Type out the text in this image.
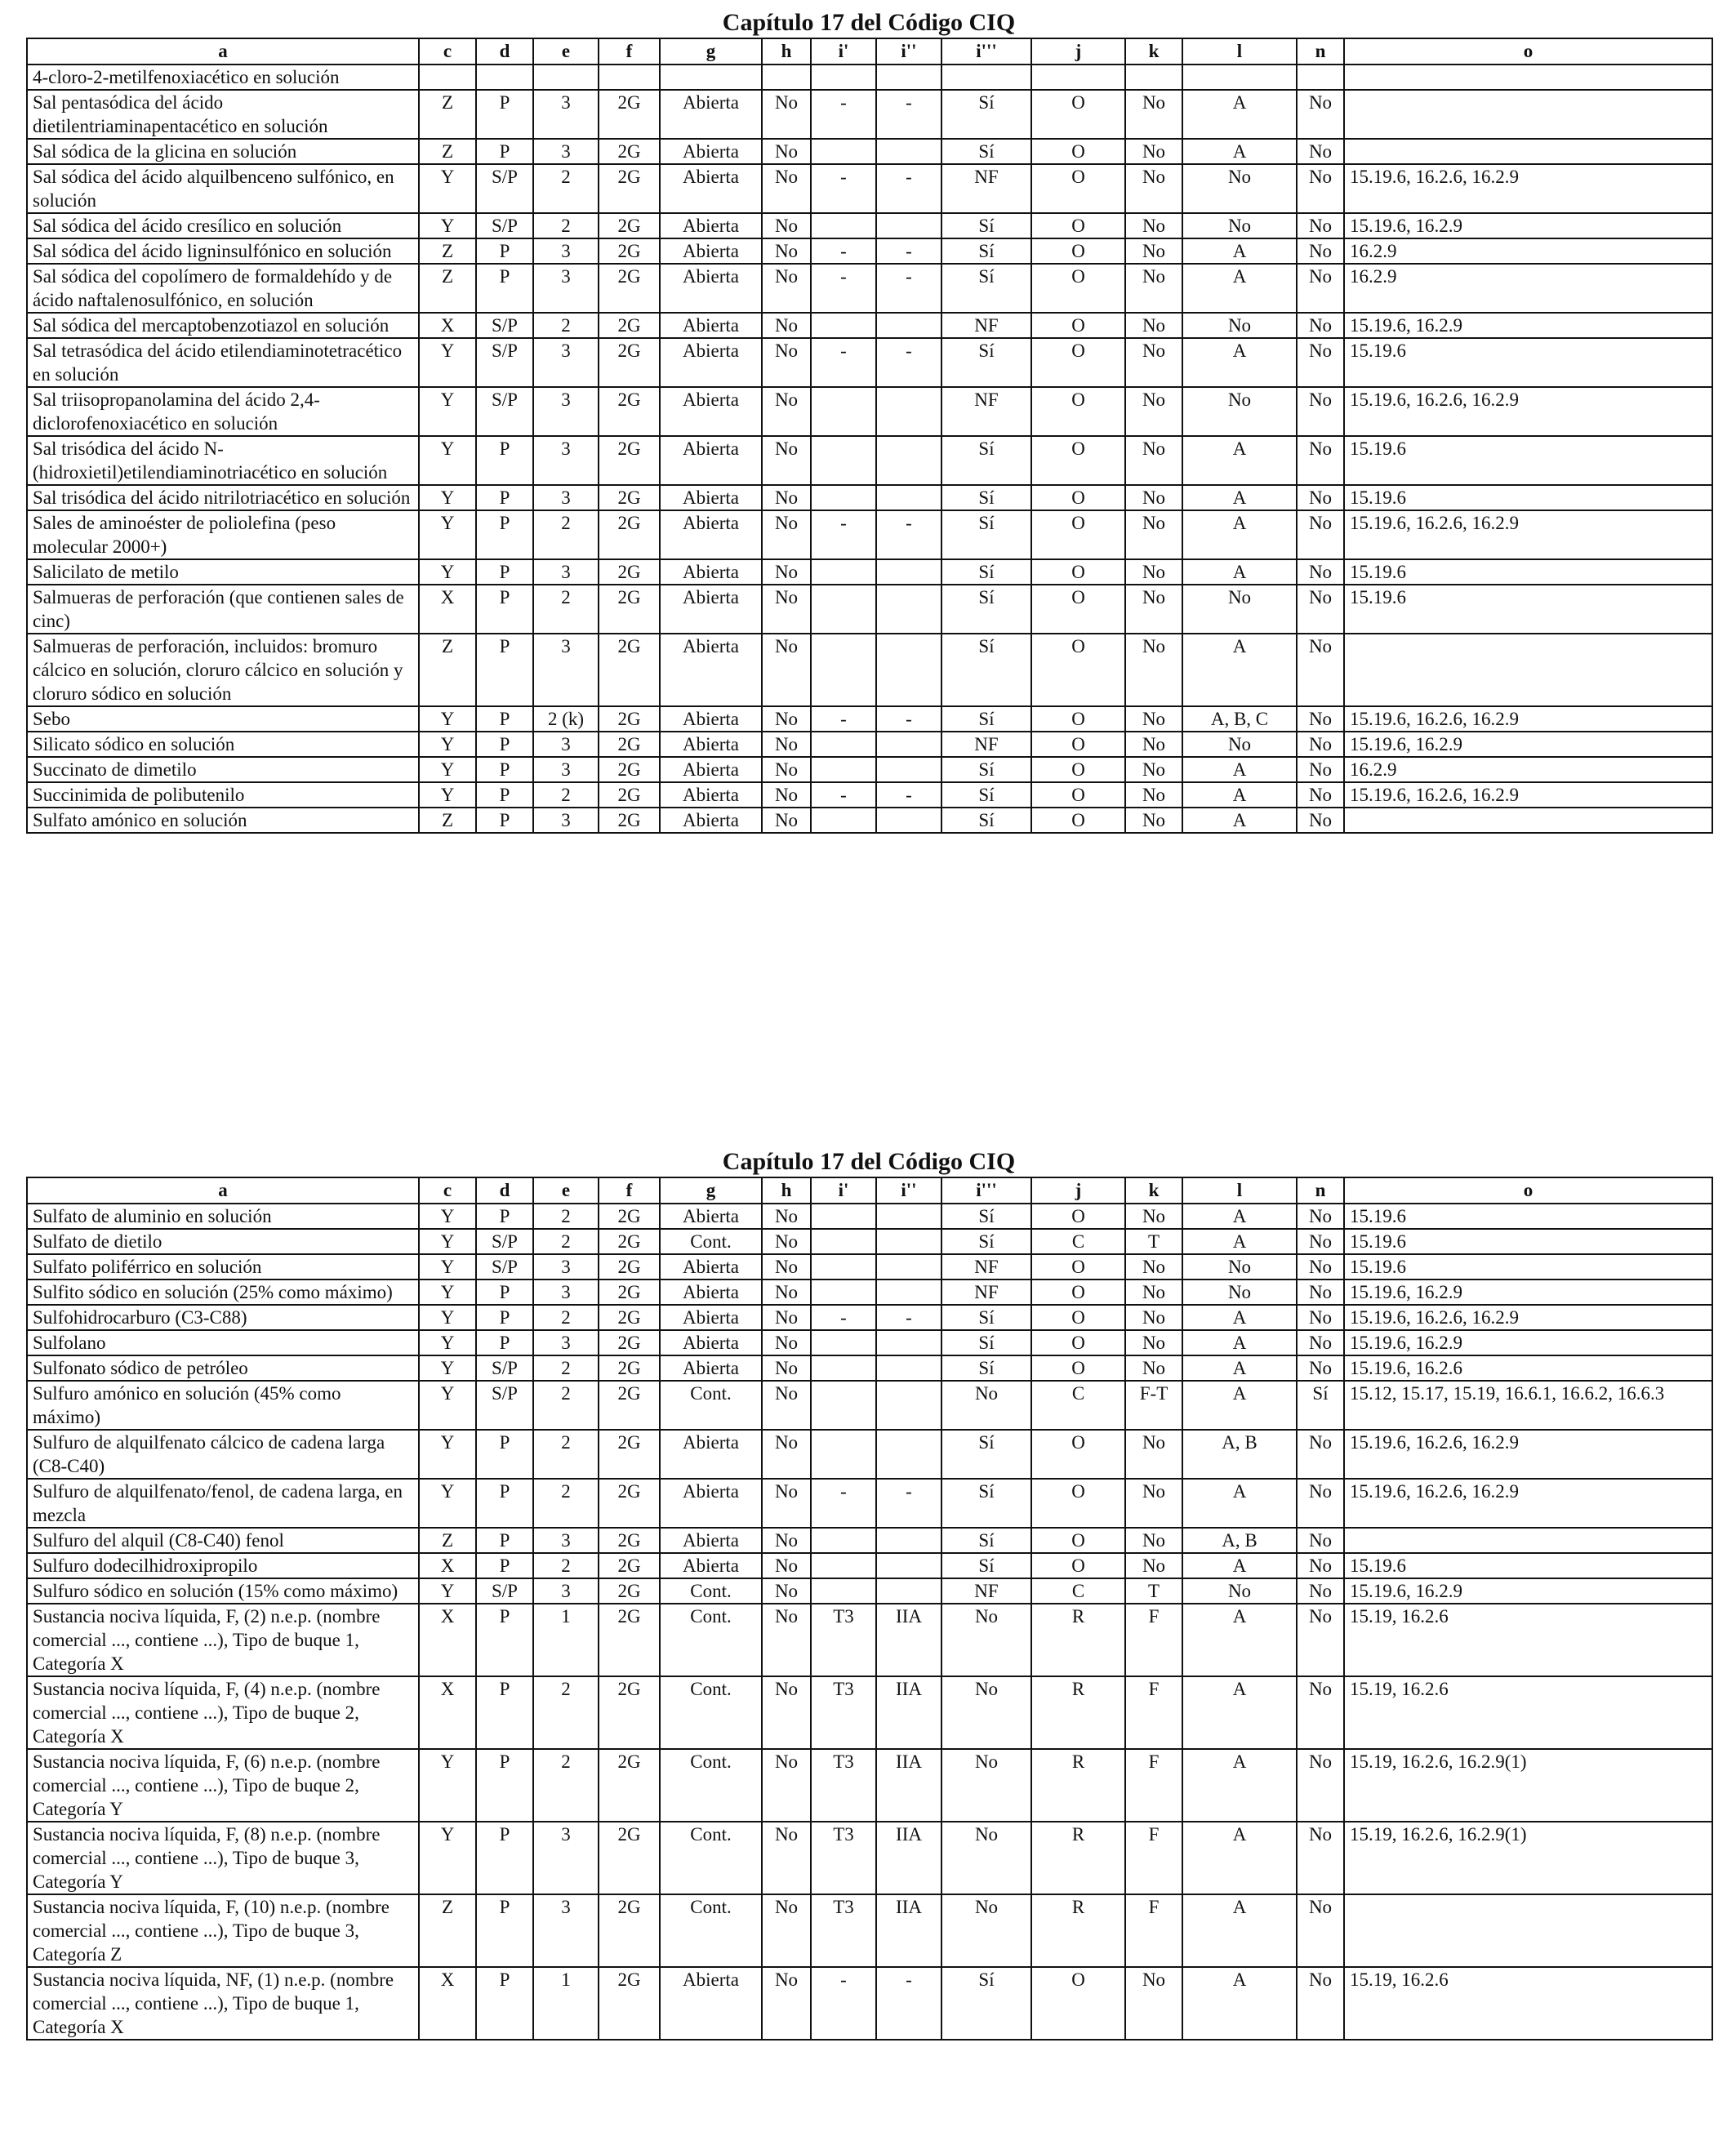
Capítulo 17 del Código CIQ
a	c	d	e	f	g	h	i'	i''	i'''	j	k	l	n	o
4-cloro-2-metilfenoxiacético en solución														
Sal pentasódica del ácido dietilentriaminapentacético en solución	Z	P	3	2G	Abierta	No	-	-	Sí	O	No	A	No	
Sal sódica de la glicina en solución	Z	P	3	2G	Abierta	No			Sí	O	No	A	No	
Sal sódica del ácido alquilbenceno sulfónico, en solución	Y	S/P	2	2G	Abierta	No	-	-	NF	O	No	No	No	15.19.6, 16.2.6, 16.2.9
Sal sódica del ácido cresílico en solución	Y	S/P	2	2G	Abierta	No			Sí	O	No	No	No	15.19.6, 16.2.9
Sal sódica del ácido ligninsulfónico en solución	Z	P	3	2G	Abierta	No	-	-	Sí	O	No	A	No	16.2.9
Sal sódica del copolímero de formaldehído y de ácido naftalenosulfónico, en solución	Z	P	3	2G	Abierta	No	-	-	Sí	O	No	A	No	16.2.9
Sal sódica del mercaptobenzotiazol en solución	X	S/P	2	2G	Abierta	No			NF	O	No	No	No	15.19.6, 16.2.9
Sal tetrasódica del ácido etilendiaminotetracético en solución	Y	S/P	3	2G	Abierta	No	-	-	Sí	O	No	A	No	15.19.6
Sal triisopropanolamina del ácido 2,4-diclorofenoxiacético en solución	Y	S/P	3	2G	Abierta	No			NF	O	No	No	No	15.19.6, 16.2.6, 16.2.9
Sal trisódica del ácido N-(hidroxietil)etilendiaminotriacético en solución	Y	P	3	2G	Abierta	No			Sí	O	No	A	No	15.19.6
Sal trisódica del ácido nitrilotriacético en solución	Y	P	3	2G	Abierta	No			Sí	O	No	A	No	15.19.6
Sales de aminoéster de poliolefina (peso molecular 2000+)	Y	P	2	2G	Abierta	No	-	-	Sí	O	No	A	No	15.19.6, 16.2.6, 16.2.9
Salicilato de metilo	Y	P	3	2G	Abierta	No			Sí	O	No	A	No	15.19.6
Salmueras de perforación (que contienen sales de cinc)	X	P	2	2G	Abierta	No			Sí	O	No	No	No	15.19.6
Salmueras de perforación, incluidos: bromuro cálcico en solución, cloruro cálcico en solución y cloruro sódico en solución	Z	P	3	2G	Abierta	No			Sí	O	No	A	No	
Sebo	Y	P	2 (k)	2G	Abierta	No	-	-	Sí	O	No	A, B, C	No	15.19.6, 16.2.6, 16.2.9
Silicato sódico en solución	Y	P	3	2G	Abierta	No			NF	O	No	No	No	15.19.6, 16.2.9
Succinato de dimetilo	Y	P	3	2G	Abierta	No			Sí	O	No	A	No	16.2.9
Succinimida de polibutenilo	Y	P	2	2G	Abierta	No	-	-	Sí	O	No	A	No	15.19.6, 16.2.6, 16.2.9
Sulfato amónico en solución	Z	P	3	2G	Abierta	No			Sí	O	No	A	No	
Capítulo 17 del Código CIQ
a	c	d	e	f	g	h	i'	i''	i'''	j	k	l	n	o
Sulfato de aluminio en solución	Y	P	2	2G	Abierta	No			Sí	O	No	A	No	15.19.6
Sulfato de dietilo	Y	S/P	2	2G	Cont.	No			Sí	C	T	A	No	15.19.6
Sulfato poliférrico en solución	Y	S/P	3	2G	Abierta	No			NF	O	No	No	No	15.19.6
Sulfito sódico en solución (25% como máximo)	Y	P	3	2G	Abierta	No			NF	O	No	No	No	15.19.6, 16.2.9
Sulfohidrocarburo (C3-C88)	Y	P	2	2G	Abierta	No	-	-	Sí	O	No	A	No	15.19.6, 16.2.6, 16.2.9
Sulfolano	Y	P	3	2G	Abierta	No			Sí	O	No	A	No	15.19.6, 16.2.9
Sulfonato sódico de petróleo	Y	S/P	2	2G	Abierta	No			Sí	O	No	A	No	15.19.6, 16.2.6
Sulfuro amónico en solución (45% como máximo)	Y	S/P	2	2G	Cont.	No			No	C	F-T	A	Sí	15.12, 15.17, 15.19, 16.6.1, 16.6.2, 16.6.3
Sulfuro de alquilfenato cálcico de cadena larga (C8-C40)	Y	P	2	2G	Abierta	No			Sí	O	No	A, B	No	15.19.6, 16.2.6, 16.2.9
Sulfuro de alquilfenato/fenol, de cadena larga, en mezcla	Y	P	2	2G	Abierta	No	-	-	Sí	O	No	A	No	15.19.6, 16.2.6, 16.2.9
Sulfuro del alquil (C8-C40) fenol	Z	P	3	2G	Abierta	No			Sí	O	No	A, B	No	
Sulfuro dodecilhidroxipropilo	X	P	2	2G	Abierta	No			Sí	O	No	A	No	15.19.6
Sulfuro sódico en solución (15% como máximo)	Y	S/P	3	2G	Cont.	No			NF	C	T	No	No	15.19.6, 16.2.9
Sustancia nociva líquida, F, (2) n.e.p. (nombre comercial ..., contiene ...), Tipo de buque 1, Categoría X	X	P	1	2G	Cont.	No	T3	IIA	No	R	F	A	No	15.19, 16.2.6
Sustancia nociva líquida, F, (4) n.e.p. (nombre comercial ..., contiene ...), Tipo de buque 2, Categoría X	X	P	2	2G	Cont.	No	T3	IIA	No	R	F	A	No	15.19, 16.2.6
Sustancia nociva líquida, F, (6) n.e.p. (nombre comercial ..., contiene ...), Tipo de buque 2, Categoría Y	Y	P	2	2G	Cont.	No	T3	IIA	No	R	F	A	No	15.19, 16.2.6, 16.2.9(1)
Sustancia nociva líquida, F, (8) n.e.p. (nombre comercial ..., contiene ...), Tipo de buque 3, Categoría Y	Y	P	3	2G	Cont.	No	T3	IIA	No	R	F	A	No	15.19, 16.2.6, 16.2.9(1)
Sustancia nociva líquida, F, (10) n.e.p. (nombre comercial ..., contiene ...), Tipo de buque 3, Categoría Z	Z	P	3	2G	Cont.	No	T3	IIA	No	R	F	A	No	
Sustancia nociva líquida, NF, (1) n.e.p. (nombre comercial ..., contiene ...), Tipo de buque 1, Categoría X	X	P	1	2G	Abierta	No	-	-	Sí	O	No	A	No	15.19, 16.2.6
